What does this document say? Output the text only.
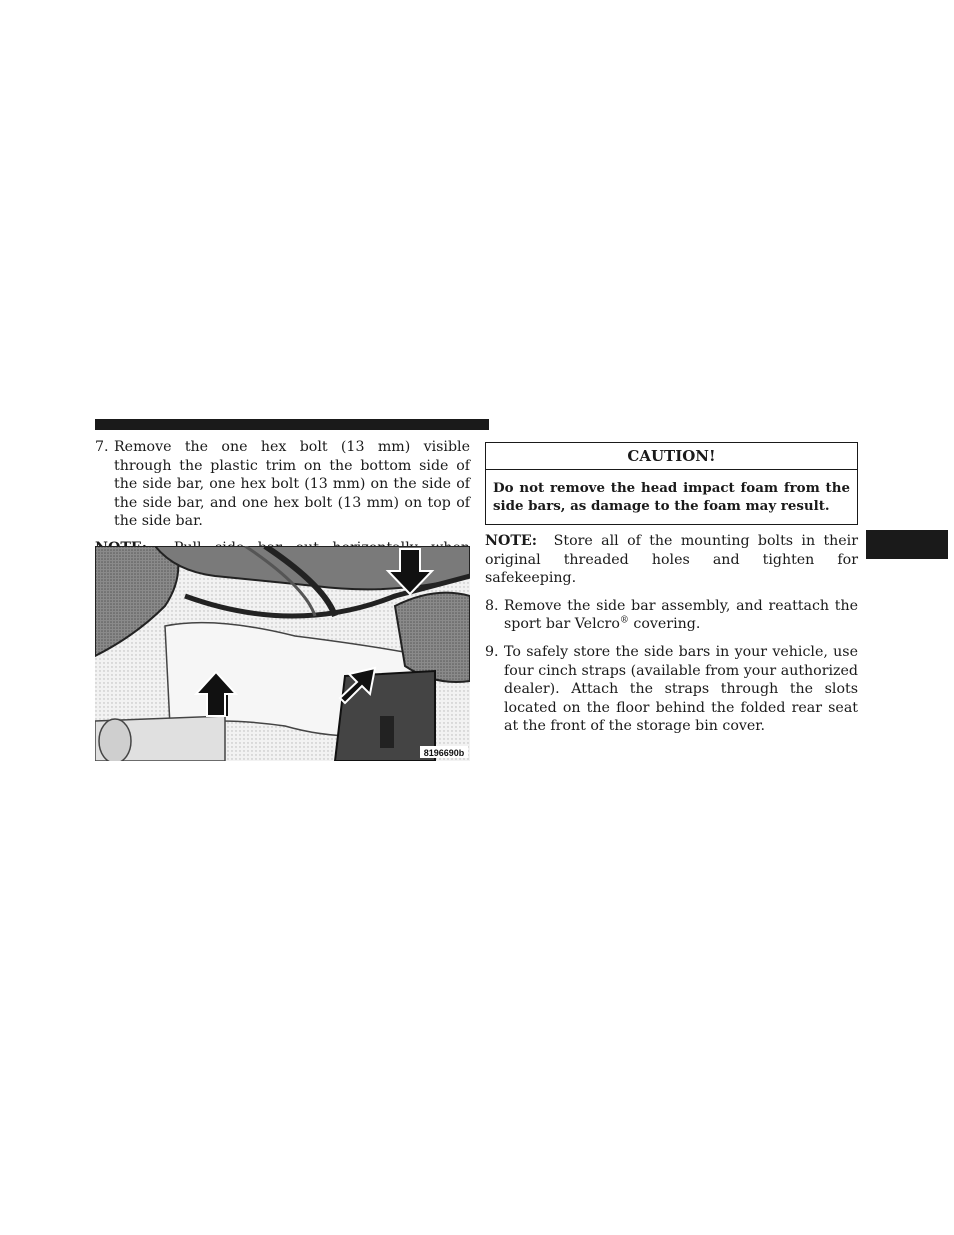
7. Remove the one hex bolt (13 mm) visible through the plastic trim on the bottom side of the side bar, one hex bolt (13 mm) on the side of the side bar, and one hex bolt (13 mm) on top of the side bar.

8196690b
CAUTION!
Do not remove the head impact foam from the side bars, as damage to the foam may result.
NOTE: Store all of the mounting bolts in their original threaded holes and tighten for safekeeping.
8. Remove the side bar assembly, and reattach the sport bar Velcro® covering.
9. To safely store the side bars in your vehicle, use four cinch straps (available from your authorized dealer). Attach the straps through the slots located on the floor behind the folded rear seat at the front of the storage bin cover.
